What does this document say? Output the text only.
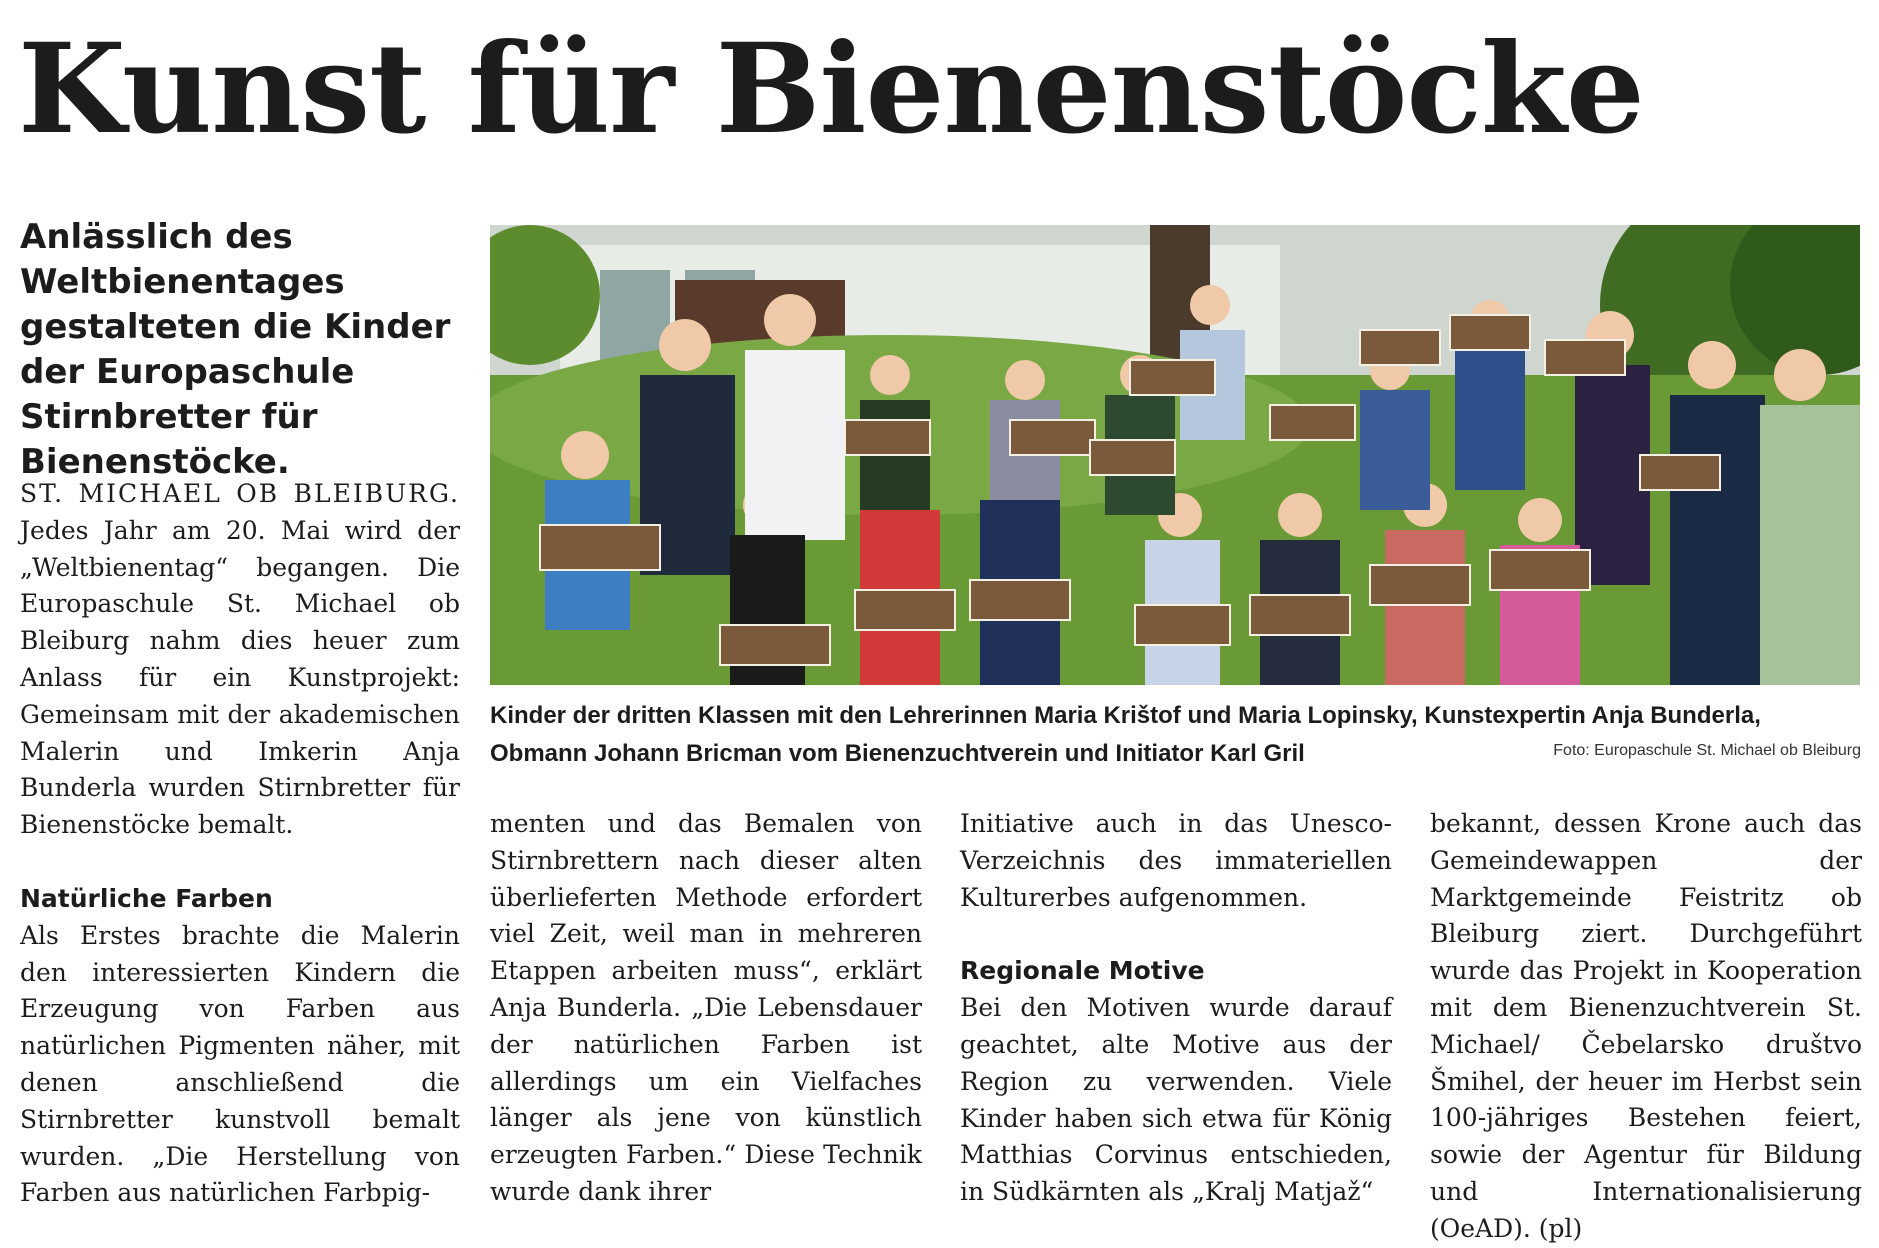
Kunst für Bienenstöcke

Anlässlich des Weltbienentages gestalteten die Kinder der Europaschule Stirnbretter für Bienenstöcke.

ST. MICHAEL OB BLEIBURG. Jedes Jahr am 20. Mai wird der „Weltbienentag“ begangen. Die Europaschule St. Michael ob Bleiburg nahm dies heuer zum Anlass für ein Kunstprojekt: Gemeinsam mit der akademischen Malerin und Imkerin Anja Bunderla wurden Stirnbretter für Bienenstöcke bemalt.

Natürliche Farben

Als Erstes brachte die Malerin den interessierten Kindern die Erzeugung von Farben aus natürlichen Pigmenten näher, mit denen anschließend die Stirnbretter kunstvoll bemalt wurden. „Die Herstellung von Farben aus natürlichen Farbpig-

Kinder der dritten Klassen mit den Lehrerinnen Maria Krištof und Maria Lopinsky, Kunstexpertin Anja Bunderla, Obmann Johann Bricman vom Bienenzuchtverein und Initiator Karl Gril	Foto: Europaschule St. Michael ob Bleiburg

menten und das Bemalen von Stirnbrettern nach dieser alten überlieferten Methode erfordert viel Zeit, weil man in mehreren Etappen arbeiten muss“, erklärt Anja Bunderla. „Die Lebensdauer der natürlichen Farben ist allerdings um ein Vielfaches länger als jene von künstlich erzeugten Farben.“ Diese Technik wurde dank ihrer

Initiative auch in das Unesco-Verzeichnis des immateriellen Kulturerbes aufgenommen.

Regionale Motive

Bei den Motiven wurde darauf geachtet, alte Motive aus der Region zu verwenden. Viele Kinder haben sich etwa für König Matthias Corvinus entschieden, in Südkärnten als „Kralj Matjaž“

bekannt, dessen Krone auch das Gemeindewappen der Marktgemeinde Feistritz ob Bleiburg ziert. Durchgeführt wurde das Projekt in Kooperation mit dem Bienenzuchtverein St. Michael/ Čebelarsko društvo Šmihel, der heuer im Herbst sein 100-jähriges Bestehen feiert, sowie der Agentur für Bildung und Internationalisierung (OeAD). (pl)
